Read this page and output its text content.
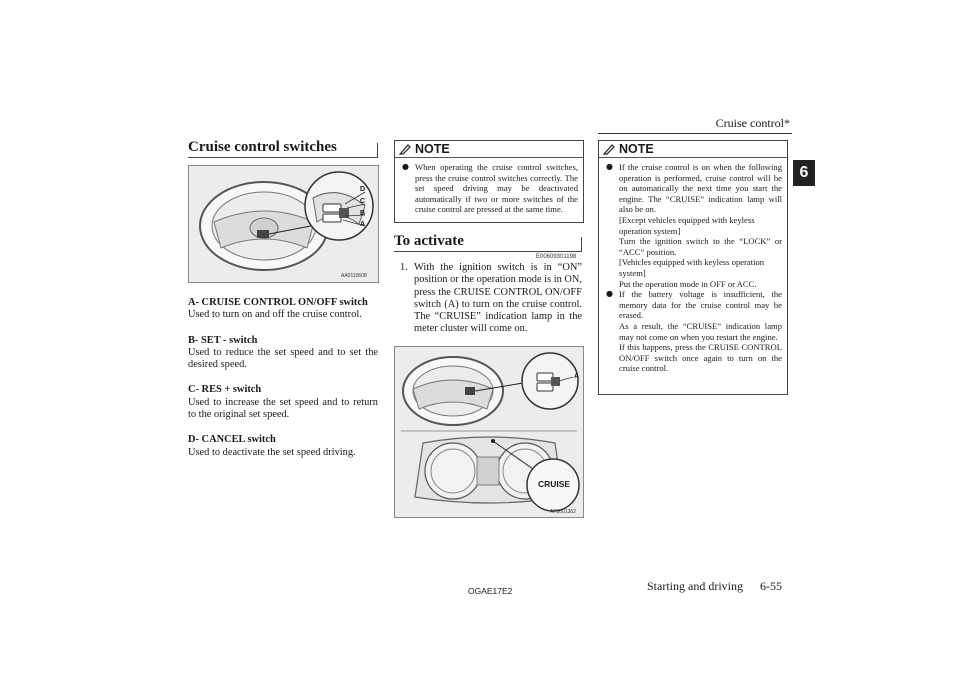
Cruise control*
6
Cruise control switches
D
C
B
A
AA0110608
A- CRUISE CONTROL ON/OFF switch
Used to turn on and off the cruise control.
B- SET - switch
Used to reduce the set speed and to set the desired speed.
C- RES + switch
Used to increase the set speed and to return to the original set speed.
D- CANCEL switch
Used to deactivate the set speed driving.
NOTE
● When operating the cruise control switches, press the cruise control switches correctly. The set speed driving may be deactivated automatically if two or more switches of the cruise control are pressed at the same time.
To activate
E00609301198
1. With the ignition switch is in “ON” position or the operation mode is in ON, press the CRUISE CONTROL ON/OFF switch (A) to turn on the cruise control. The “CRUISE” indication lamp in the meter cluster will come on.
A
CRUISE
AF3001362
NOTE
● If the cruise control is on when the following operation is performed, cruise control will be on automatically the next time you start the engine. The “CRUISE” indication lamp will also be on.

[Except vehicles equipped with keyless operation system]

Turn the ignition switch to the “LOCK” or “ACC” position.

[Vehicles equipped with keyless operation system]

Put the operation mode in OFF or ACC.

● If the battery voltage is insufficient, the memory data for the cruise control may be erased.

As a result, the “CRUISE” indication lamp may not come on when you restart the engine.

If this happens, press the CRUISE CONTROL ON/OFF switch once again to turn on the cruise control.

OGAE17E2	Starting and driving 6-55
